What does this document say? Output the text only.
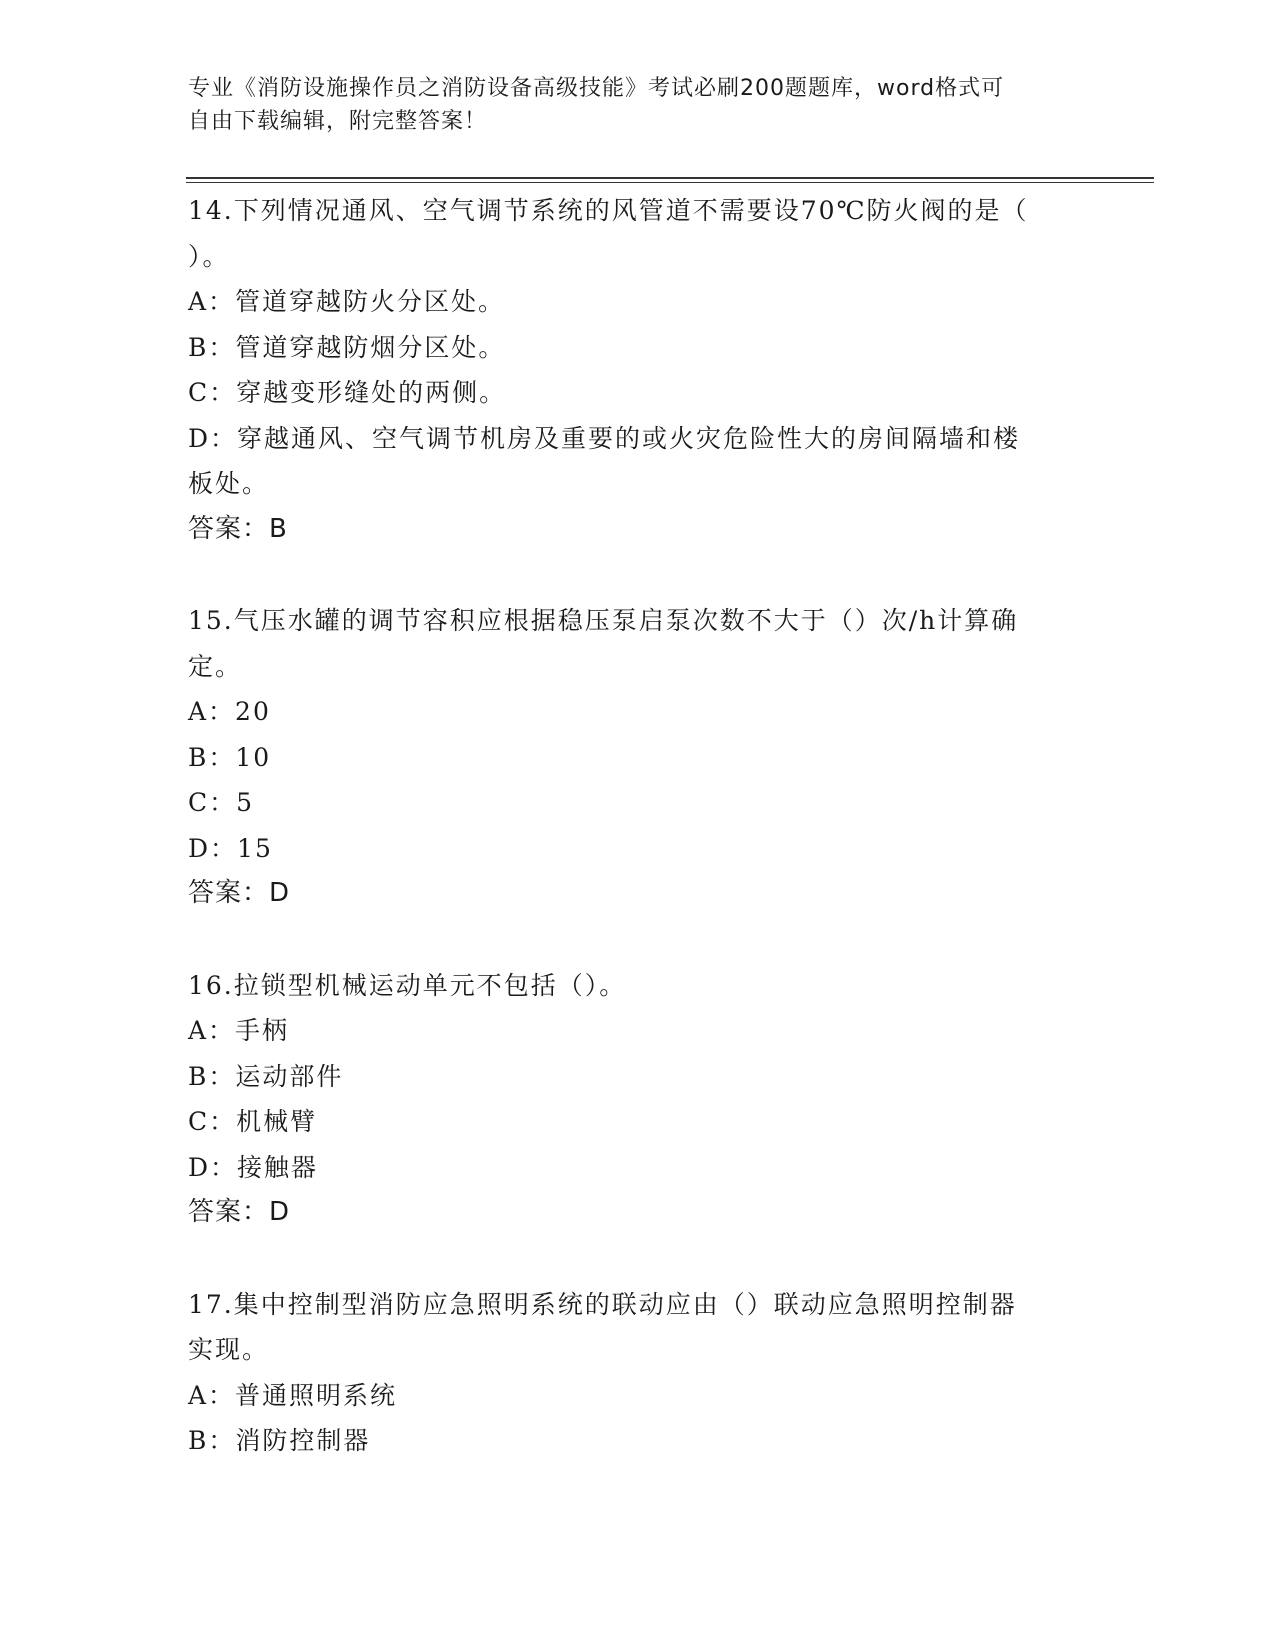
专业《消防设施操作员之消防设备高级技能》考试必刷200题题库，word格式可
自由下载编辑，附完整答案！
14.下列情况通风、空气调节系统的风管道不需要设70℃防火阀的是（
）。
A：管道穿越防火分区处。
B：管道穿越防烟分区处。
C：穿越变形缝处的两侧。
D：穿越通风、空气调节机房及重要的或火灾危险性大的房间隔墙和楼
板处。
答案：B
15.气压水罐的调节容积应根据稳压泵启泵次数不大于（）次/h计算确
定。
A：20
B：10
C：5
D：15
答案：D
16.拉锁型机械运动单元不包括（）。
A：手柄
B：运动部件
C：机械臂
D：接触器
答案：D
17.集中控制型消防应急照明系统的联动应由（）联动应急照明控制器
实现。
A：普通照明系统
B：消防控制器
